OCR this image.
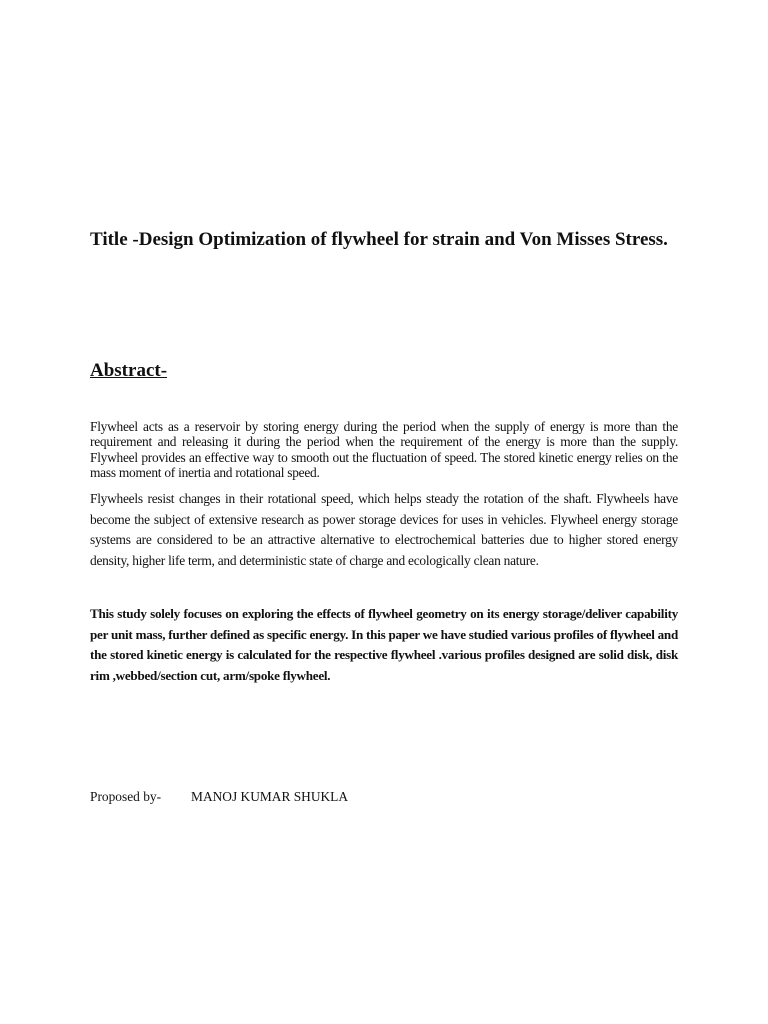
Title -Design Optimization of flywheel for strain and Von Misses Stress.
Abstract-

Flywheel acts as a reservoir by storing energy during the period when the supply of energy is more than the requirement and releasing it during the period when the requirement of the energy is more than the supply. Flywheel provides an effective way to smooth out the fluctuation of speed. The stored kinetic energy relies on the mass moment of inertia and rotational speed.

Flywheels resist changes in their rotational speed, which helps steady the rotation of the shaft. Flywheels have become the subject of extensive research as power storage devices for uses in vehicles. Flywheel energy storage systems are considered to be an attractive alternative to electrochemical batteries due to higher stored energy density, higher life term, and deterministic state of charge and ecologically clean nature.

This study solely focuses on exploring the effects of flywheel geometry on its energy storage/deliver capability per unit mass, further defined as specific energy. In this paper we have studied various profiles of flywheel and the stored kinetic energy is calculated for the respective flywheel .various profiles designed are solid disk, disk rim ,webbed/section cut, arm/spoke flywheel.

Proposed by- MANOJ KUMAR SHUKLA
